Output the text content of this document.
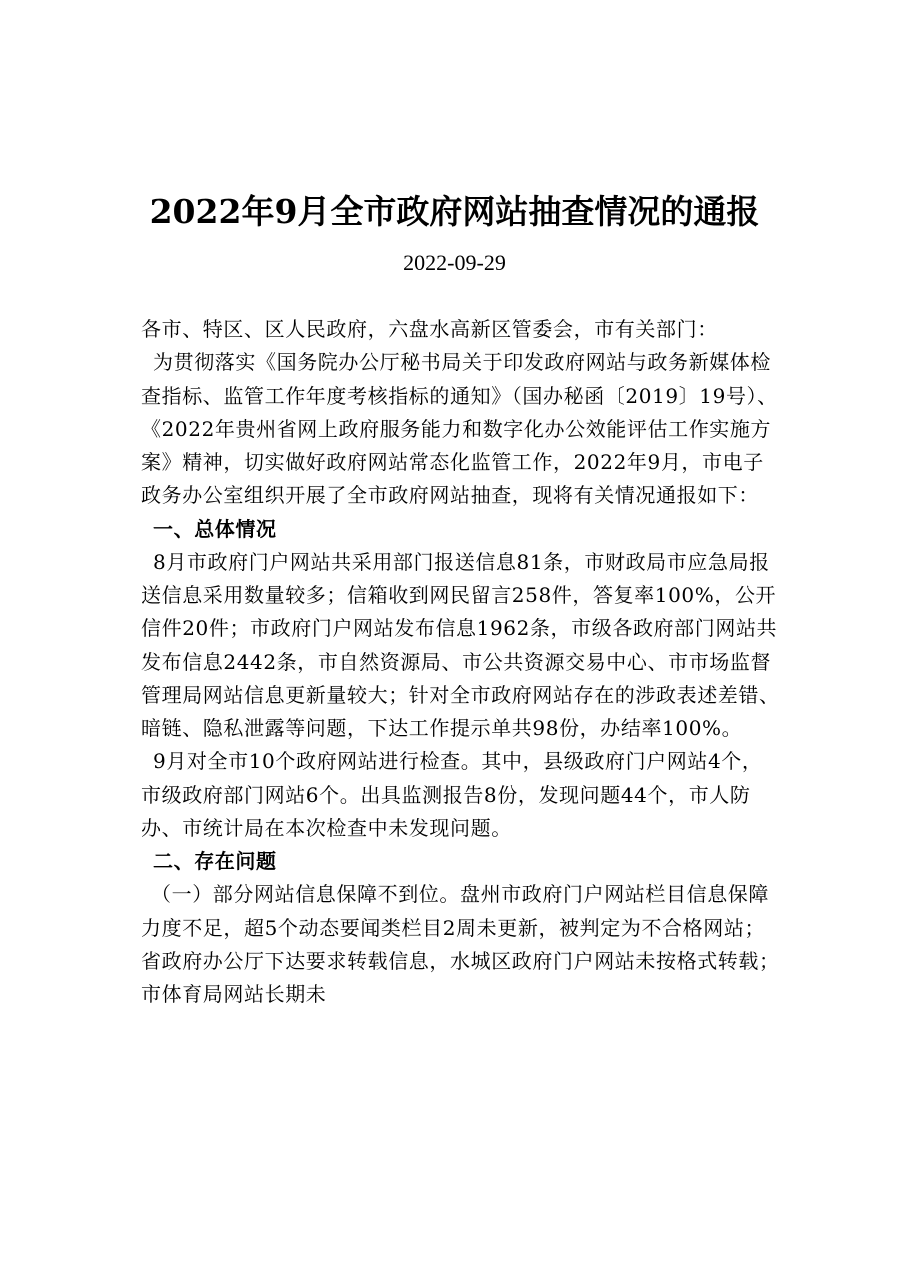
2022年9月全市政府网站抽查情况的通报
2022-09-29

各市、特区、区人民政府，六盘水高新区管委会，市有关部门：

为贯彻落实《国务院办公厅秘书局关于印发政府网站与政务新媒体检查指标、监管工作年度考核指标的通知》（国办秘函〔2019〕19号）、《2022年贵州省网上政府服务能力和数字化办公效能评估工作实施方案》精神，切实做好政府网站常态化监管工作，2022年9月，市电子政务办公室组织开展了全市政府网站抽查，现将有关情况通报如下：

一、总体情况

8月市政府门户网站共采用部门报送信息81条，市财政局市应急局报送信息采用数量较多；信箱收到网民留言258件，答复率100%，公开信件20件；市政府门户网站发布信息1962条，市级各政府部门网站共发布信息2442条，市自然资源局、市公共资源交易中心、市市场监督管理局网站信息更新量较大；针对全市政府网站存在的涉政表述差错、暗链、隐私泄露等问题，下达工作提示单共98份，办结率100%。

9月对全市10个政府网站进行检查。其中，县级政府门户网站4个，市级政府部门网站6个。出具监测报告8份，发现问题44个，市人防办、市统计局在本次检查中未发现问题。

二、存在问题

（一）部分网站信息保障不到位。盘州市政府门户网站栏目信息保障力度不足，超5个动态要闻类栏目2周未更新，被判定为不合格网站；省政府办公厅下达要求转载信息，水城区政府门户网站未按格式转载；市体育局网站长期未
